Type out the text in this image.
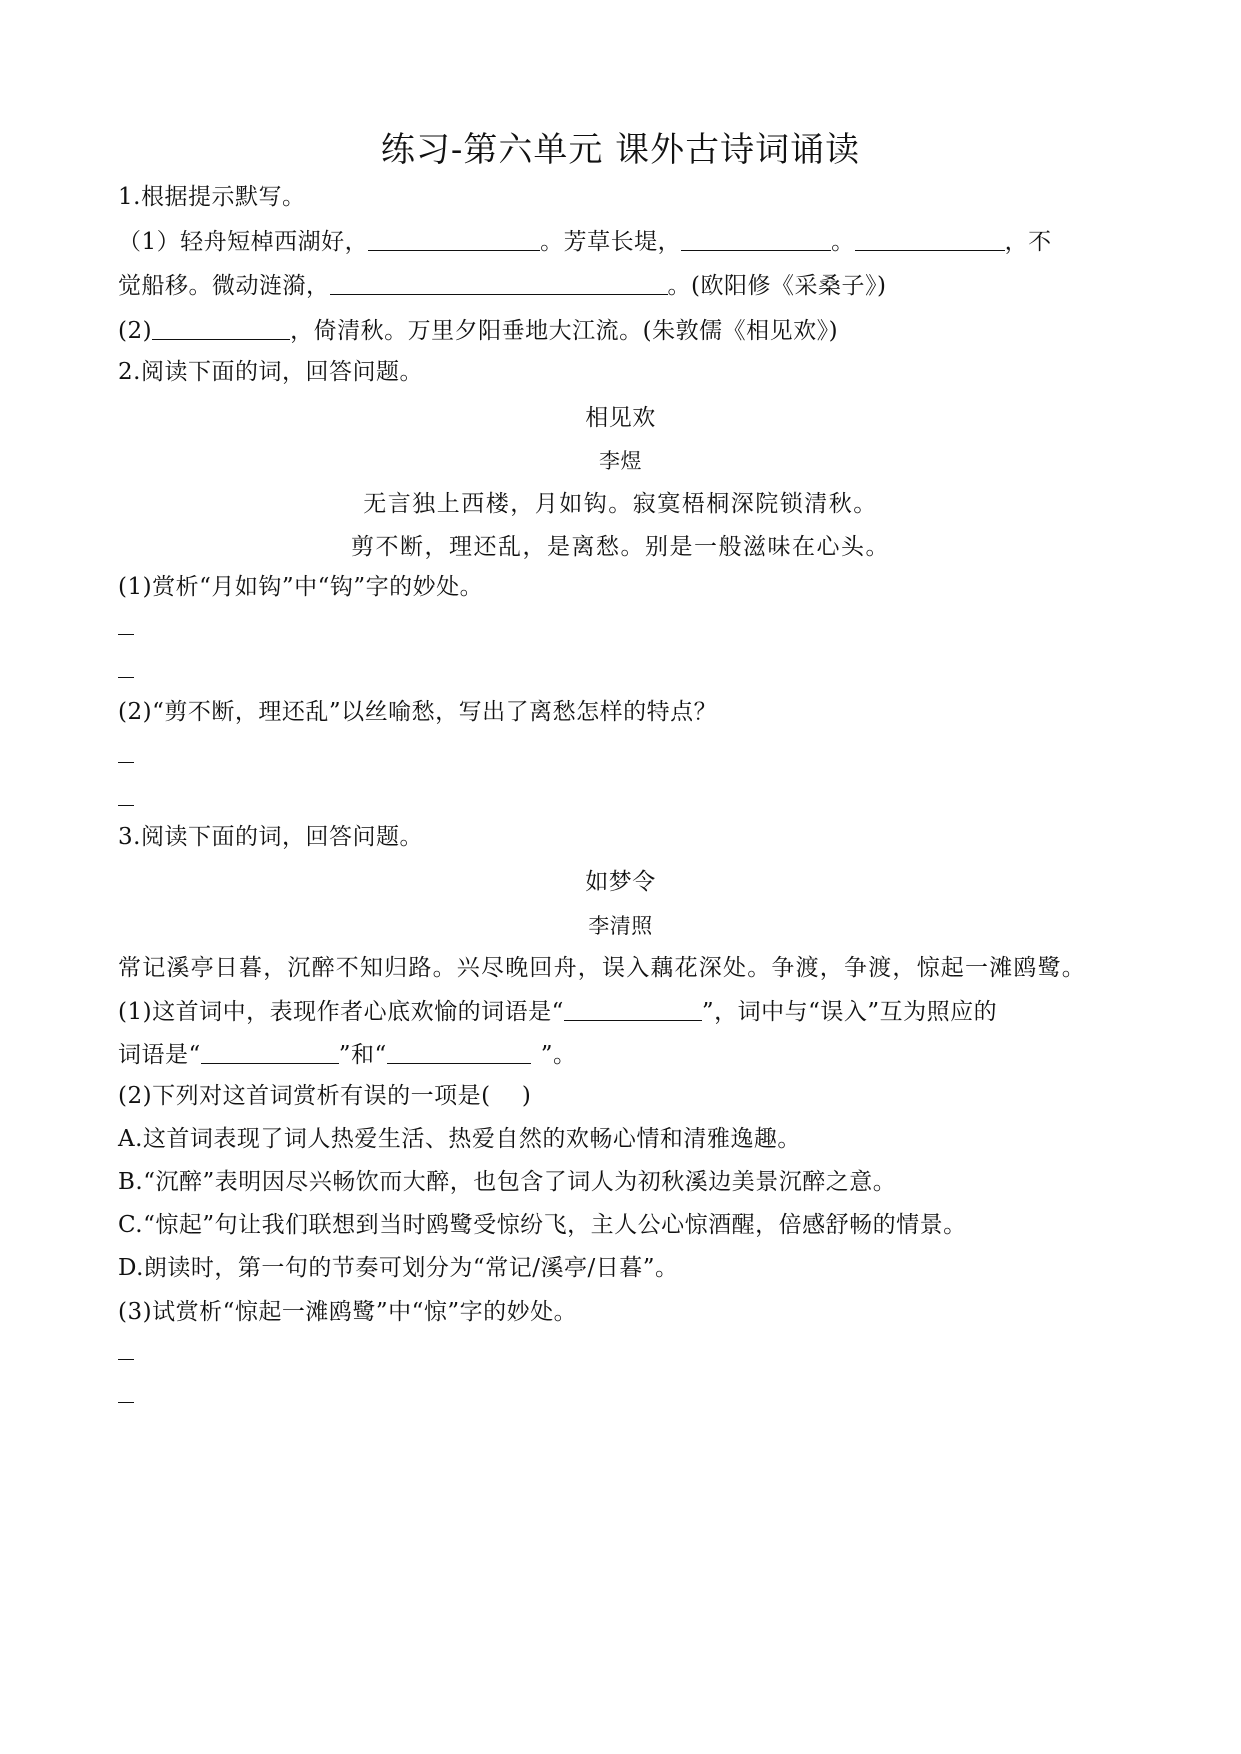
练习-第六单元 课外古诗词诵读
1.根据提示默写。
（1）轻舟短棹西湖好，	。芳草长堤，	。	，不
觉船移。微动涟漪，	。(欧阳修《采桑子》)
(2)	，倚清秋。万里夕阳垂地大江流。(朱敦儒《相见欢》)
2.阅读下面的词，回答问题。
相见欢
李煜
无言独上西楼，月如钩。寂寞梧桐深院锁清秋。
剪不断，理还乱，是离愁。别是一般滋味在心头。
(1)赏析“月如钩”中“钩”字的妙处。
(2)“剪不断，理还乱”以丝喻愁，写出了离愁怎样的特点？
3.阅读下面的词，回答问题。
如梦令
李清照
常记溪亭日暮，沉醉不知归路。兴尽晚回舟，误入藕花深处。争渡，争渡，惊起一滩鸥鹭。
(1)这首词中，表现作者心底欢愉的词语是“	”，词中与“误入”互为照应的
词语是“	”和“	”。
(2)下列对这首词赏析有误的一项是(　 )
A.这首词表现了词人热爱生活、热爱自然的欢畅心情和清雅逸趣。
B.“沉醉”表明因尽兴畅饮而大醉，也包含了词人为初秋溪边美景沉醉之意。
C.“惊起”句让我们联想到当时鸥鹭受惊纷飞，主人公心惊酒醒，倍感舒畅的情景。
D.朗读时，第一句的节奏可划分为“常记/溪亭/日暮”。
(3)试赏析“惊起一滩鸥鹭”中“惊”字的妙处。
